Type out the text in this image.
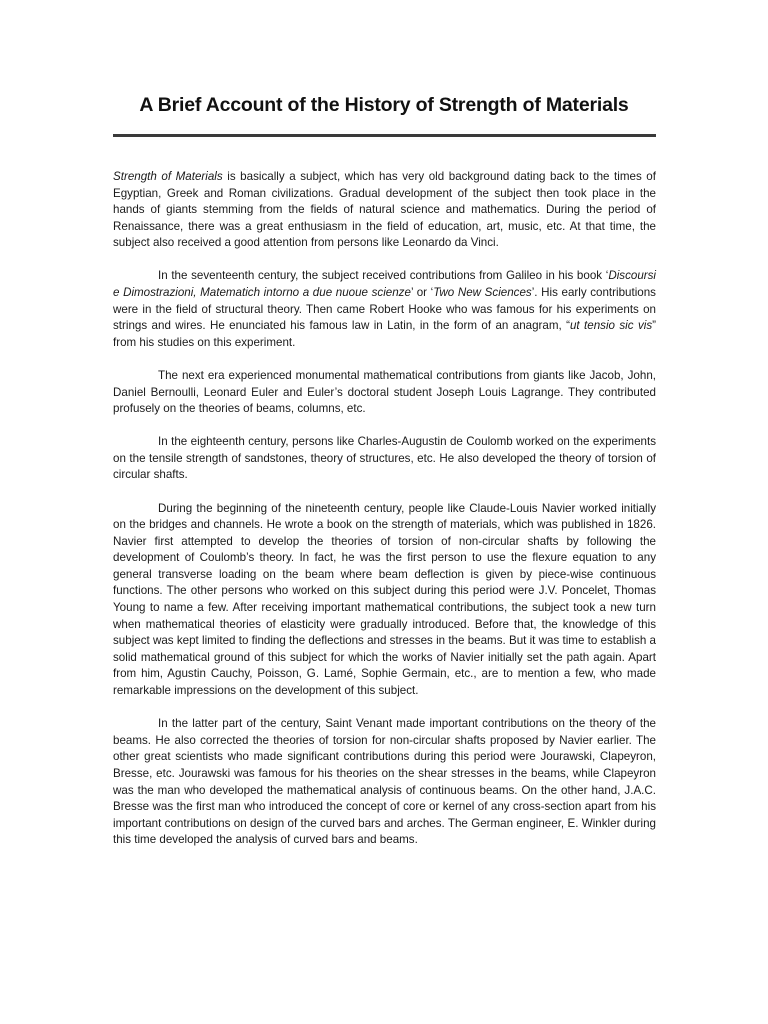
A Brief Account of the History of Strength of Materials

Strength of Materials is basically a subject, which has very old background dating back to the times of Egyptian, Greek and Roman civilizations. Gradual development of the subject then took place in the hands of giants stemming from the fields of natural science and mathematics. During the period of Renaissance, there was a great enthusiasm in the field of education, art, music, etc. At that time, the subject also received a good attention from persons like Leonardo da Vinci.

In the seventeenth century, the subject received contributions from Galileo in his book ‘Discoursi e Dimostrazioni, Matematich intorno a due nuoue scienze’ or ‘Two New Sciences’. His early contributions were in the field of structural theory. Then came Robert Hooke who was famous for his experiments on strings and wires. He enunciated his famous law in Latin, in the form of an anagram, “ut tensio sic vis” from his studies on this experiment.

The next era experienced monumental mathematical contributions from giants like Jacob, John, Daniel Bernoulli, Leonard Euler and Euler’s doctoral student Joseph Louis Lagrange. They contributed profusely on the theories of beams, columns, etc.

In the eighteenth century, persons like Charles-Augustin de Coulomb worked on the experiments on the tensile strength of sandstones, theory of structures, etc. He also developed the theory of torsion of circular shafts.

During the beginning of the nineteenth century, people like Claude-Louis Navier worked initially on the bridges and channels. He wrote a book on the strength of materials, which was published in 1826. Navier first attempted to develop the theories of torsion of non-circular shafts by following the development of Coulomb’s theory. In fact, he was the first person to use the flexure equation to any general transverse loading on the beam where beam deflection is given by piece-wise continuous functions. The other persons who worked on this subject during this period were J.V. Poncelet, Thomas Young to name a few. After receiving important mathematical contributions, the subject took a new turn when mathematical theories of elasticity were gradually introduced. Before that, the knowledge of this subject was kept limited to finding the deflections and stresses in the beams. But it was time to establish a solid mathematical ground of this subject for which the works of Navier initially set the path again. Apart from him, Agustin Cauchy, Poisson, G. Lamé, Sophie Germain, etc., are to mention a few, who made remarkable impressions on the development of this subject.

In the latter part of the century, Saint Venant made important contributions on the theory of the beams. He also corrected the theories of torsion for non-circular shafts proposed by Navier earlier. The other great scientists who made significant contributions during this period were Jourawski, Clapeyron, Bresse, etc. Jourawski was famous for his theories on the shear stresses in the beams, while Clapeyron was the man who developed the mathematical analysis of continuous beams. On the other hand, J.A.C. Bresse was the first man who introduced the concept of core or kernel of any cross-section apart from his important contributions on design of the curved bars and arches. The German engineer, E. Winkler during this time developed the analysis of curved bars and beams.
